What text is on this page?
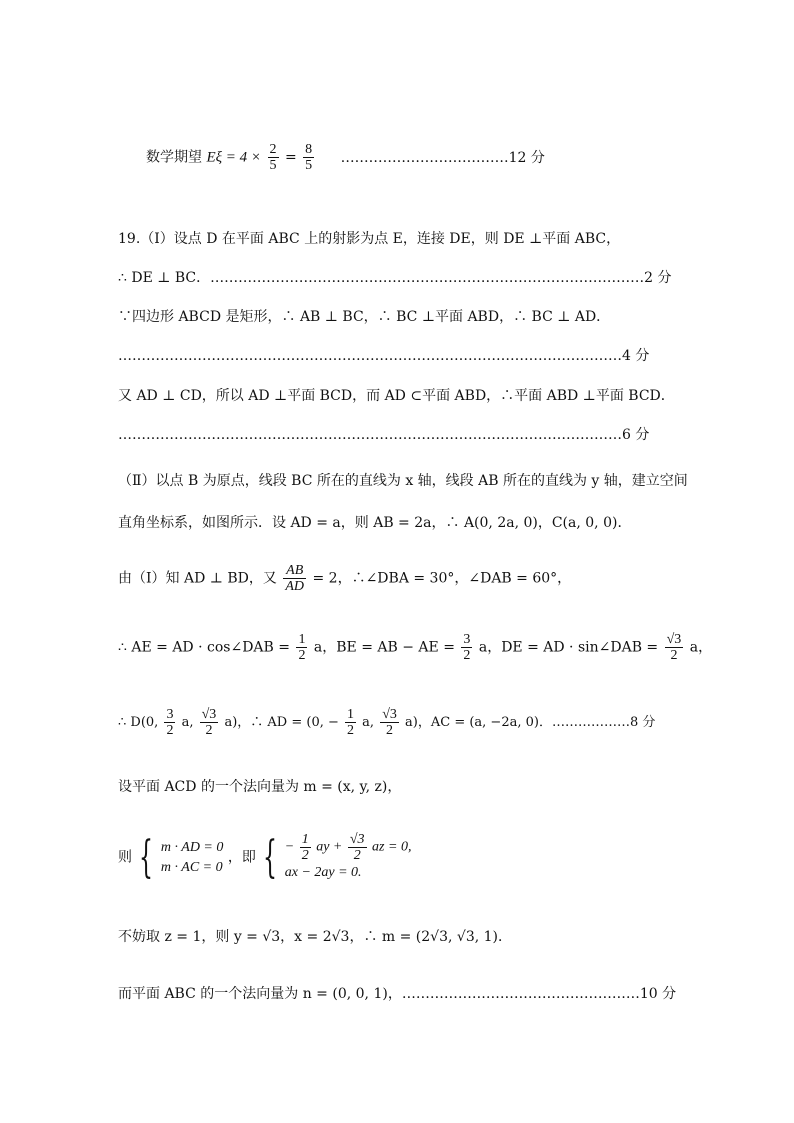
数学期望 $E\xi = 4 \times \frac{2}{5} = \frac{8}{5}$ ………………………………12 分
19.（Ⅰ）设点 D 在平面 ABC 上的射影为点 E，连接 DE，则 DE ⊥平面 ABC，
∴ DE ⊥ BC．…………………………………………………………………………………2 分
∵四边形 ABCD 是矩形，∴ AB ⊥ BC，∴ BC ⊥平面 ABD，∴ BC ⊥ AD．
………………………………………………………………………………………………4 分
又 AD ⊥ CD，所以 AD ⊥平面 BCD，而 AD ⊂平面 ABD，∴平面 ABD ⊥平面 BCD．
………………………………………………………………………………………………6 分
（Ⅱ）以点 B 为原点，线段 BC 所在的直线为 x 轴，线段 AB 所在的直线为 y 轴，建立空间
直角坐标系，如图所示．设 AD = a，则 AB = 2a，∴ A(0, 2a, 0)，C(a, 0, 0)．
由（Ⅰ）知 AD ⊥ BD，又 $\frac{AB}{AD} = 2$，∴∠DBA = 30°，∠DAB = 60°，
∴ AE = AD · cos∠DAB = $\frac{1}{2}$ a，BE = AB − AE = $\frac{3}{2}$ a，DE = AD · sin∠DAB = $\frac{√3}{2}$ a，
∴ D(0, $\frac{3}{2} a$, $\frac{√3}{2} a$)，∴ AD = (0, − $\frac{1}{2} a$, $\frac{√3}{2} a$)，AC = (a, −2a, 0)．………………8 分
设平面 ACD 的一个法向量为 m = (x, y, z)，
则 { m · AD = 0
m · AC = 0
，即 { − $\frac{1}{2}$ ay + $\frac{√3}{2}$ az = 0,
ax − 2ay = 0.
不妨取 z = 1，则 y = √3，x = 2√3，∴ m = (2√3, √3, 1)．
而平面 ABC 的一个法向量为 n = (0, 0, 1)，……………………………………………10 分
